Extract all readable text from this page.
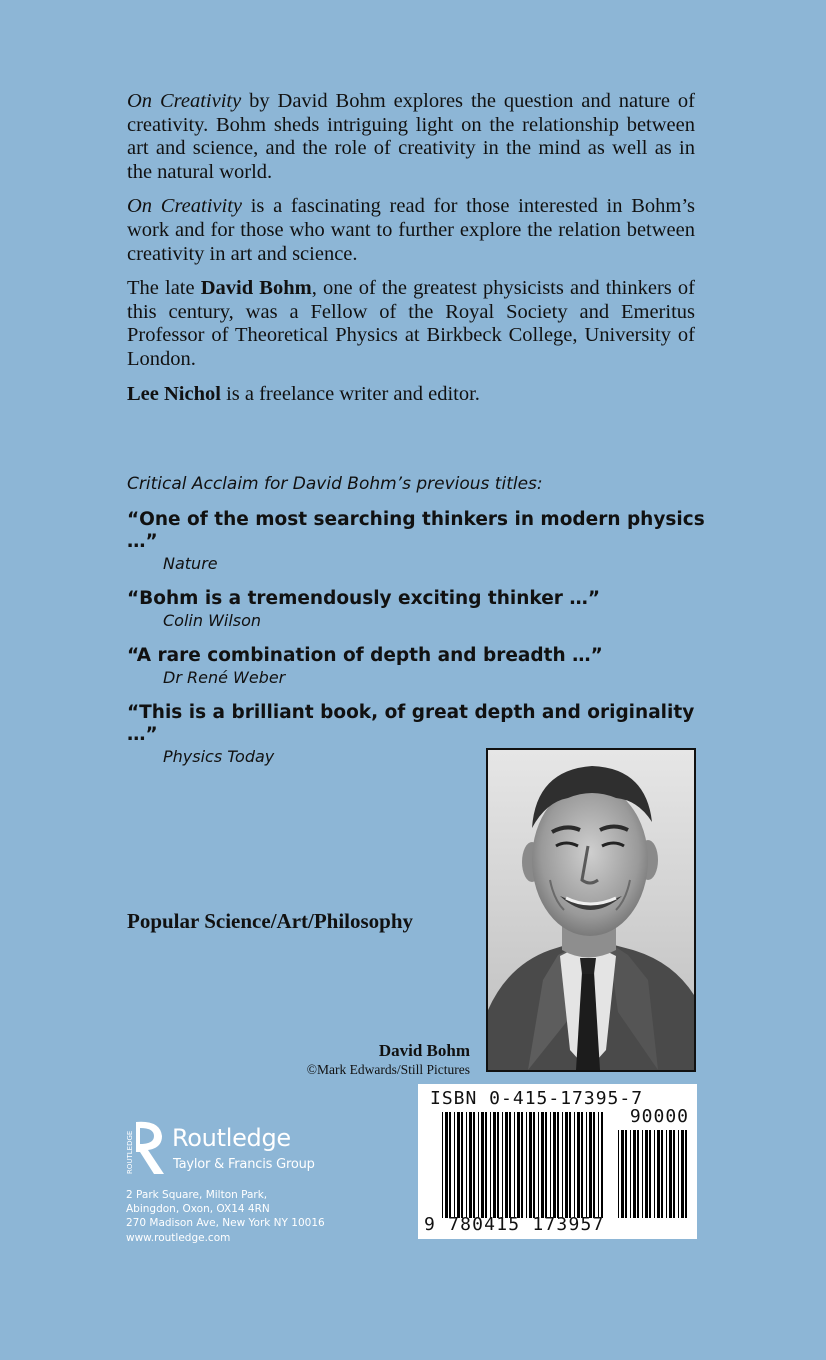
On Creativity by David Bohm explores the question and nature of creativity. Bohm sheds intriguing light on the relationship between art and science, and the role of creativity in the mind as well as in the natural world.

On Creativity is a fascinating read for those interested in Bohm’s work and for those who want to further explore the relation between creativity in art and science.

The late David Bohm, one of the greatest physicists and thinkers of this century, was a Fellow of the Royal Society and Emeritus Professor of Theoretical Physics at Birkbeck College, University of London.

Lee Nichol is a freelance writer and editor.

Critical Acclaim for David Bohm’s previous titles:
“One of the most searching thinkers in modern physics …”
Nature
“Bohm is a tremendously exciting thinker …”
Colin Wilson
“A rare combination of depth and breadth …”
Dr René Weber
“This is a brilliant book, of great depth and originality …”
Physics Today
Popular Science/Art/Philosophy
David Bohm
©Mark Edwards/Still Pictures
ROUTLEDGE Routledge
Taylor & Francis Group
2 Park Square, Milton Park,
Abingdon, Oxon, OX14 4RN
270 Madison Ave, New York NY 10016
www.routledge.com
ISBN 0-415-17395-7
90000
9 780415 173957
